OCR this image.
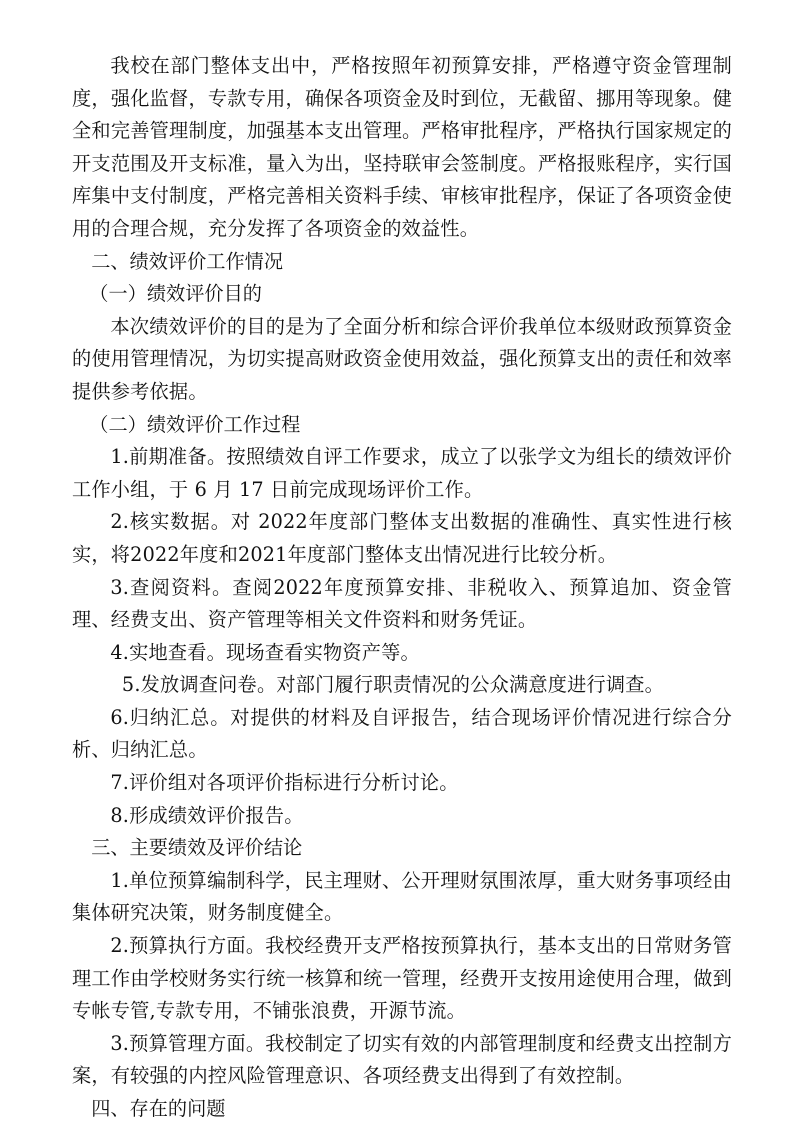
我校在部门整体支出中，严格按照年初预算安排，严格遵守资金管理制度，强化监督，专款专用，确保各项资金及时到位，无截留、挪用等现象。健全和完善管理制度，加强基本支出管理。严格审批程序，严格执行国家规定的开支范围及开支标准，量入为出，坚持联审会签制度。严格报账程序，实行国库集中支付制度，严格完善相关资料手续、审核审批程序，保证了各项资金使用的合理合规，充分发挥了各项资金的效益性。

二、绩效评价工作情况

（一）绩效评价目的

本次绩效评价的目的是为了全面分析和综合评价我单位本级财政预算资金的使用管理情况，为切实提高财政资金使用效益，强化预算支出的责任和效率提供参考依据。

（二）绩效评价工作过程

1.前期准备。按照绩效自评工作要求，成立了以张学文为组长的绩效评价工作小组，于 6 月 17 日前完成现场评价工作。

2.核实数据。对 2022年度部门整体支出数据的准确性、真实性进行核实，将2022年度和2021年度部门整体支出情况进行比较分析。

3.查阅资料。查阅2022年度预算安排、非税收入、预算追加、资金管理、经费支出、资产管理等相关文件资料和财务凭证。

4.实地查看。现场查看实物资产等。

5.发放调查问卷。对部门履行职责情况的公众满意度进行调查。

6.归纳汇总。对提供的材料及自评报告，结合现场评价情况进行综合分析、归纳汇总。

7.评价组对各项评价指标进行分析讨论。

8.形成绩效评价报告。

三、主要绩效及评价结论

1.单位预算编制科学，民主理财、公开理财氛围浓厚，重大财务事项经由集体研究决策，财务制度健全。

2.预算执行方面。我校经费开支严格按预算执行，基本支出的日常财务管理工作由学校财务实行统一核算和统一管理，经费开支按用途使用合理，做到专帐专管,专款专用，不铺张浪费，开源节流。

3.预算管理方面。我校制定了切实有效的内部管理制度和经费支出控制方案，有较强的内控风险管理意识、各项经费支出得到了有效控制。

四、存在的问题
